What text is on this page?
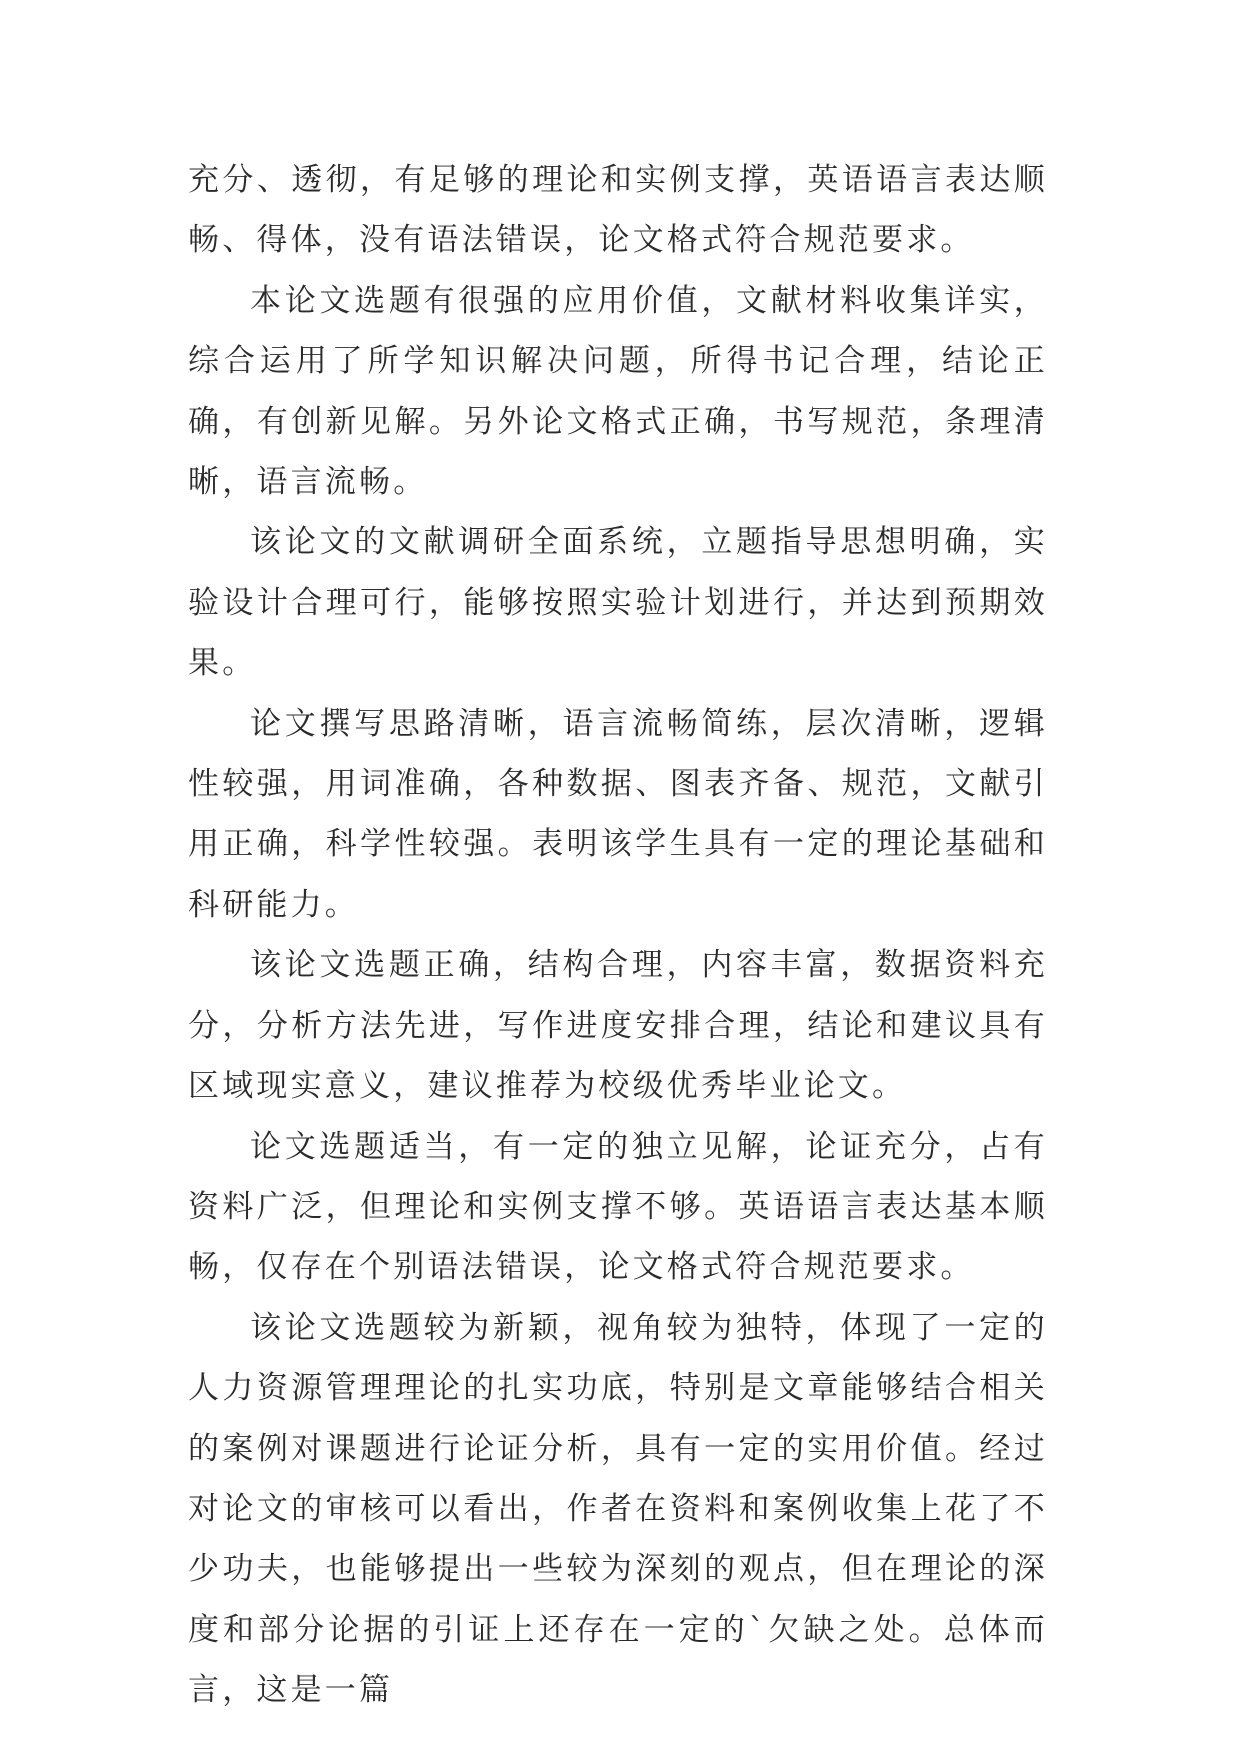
充分、透彻，有足够的理论和实例支撑，英语语言表达顺畅、得体，没有语法错误，论文格式符合规范要求。

本论文选题有很强的应用价值，文献材料收集详实，综合运用了所学知识解决问题，所得书记合理，结论正确，有创新见解。另外论文格式正确，书写规范，条理清晰，语言流畅。

该论文的文献调研全面系统，立题指导思想明确，实验设计合理可行，能够按照实验计划进行，并达到预期效果。

论文撰写思路清晰，语言流畅简练，层次清晰，逻辑性较强，用词准确，各种数据、图表齐备、规范，文献引用正确，科学性较强。表明该学生具有一定的理论基础和科研能力。

该论文选题正确，结构合理，内容丰富，数据资料充分，分析方法先进，写作进度安排合理，结论和建议具有区域现实意义，建议推荐为校级优秀毕业论文。

论文选题适当，有一定的独立见解，论证充分，占有资料广泛，但理论和实例支撑不够。英语语言表达基本顺畅，仅存在个别语法错误，论文格式符合规范要求。

该论文选题较为新颖，视角较为独特，体现了一定的人力资源管理理论的扎实功底，特别是文章能够结合相关的案例对课题进行论证分析，具有一定的实用价值。经过对论文的审核可以看出，作者在资料和案例收集上花了不少功夫，也能够提出一些较为深刻的观点，但在理论的深度和部分论据的引证上还存在一定的`欠缺之处。总体而言，这是一篇
